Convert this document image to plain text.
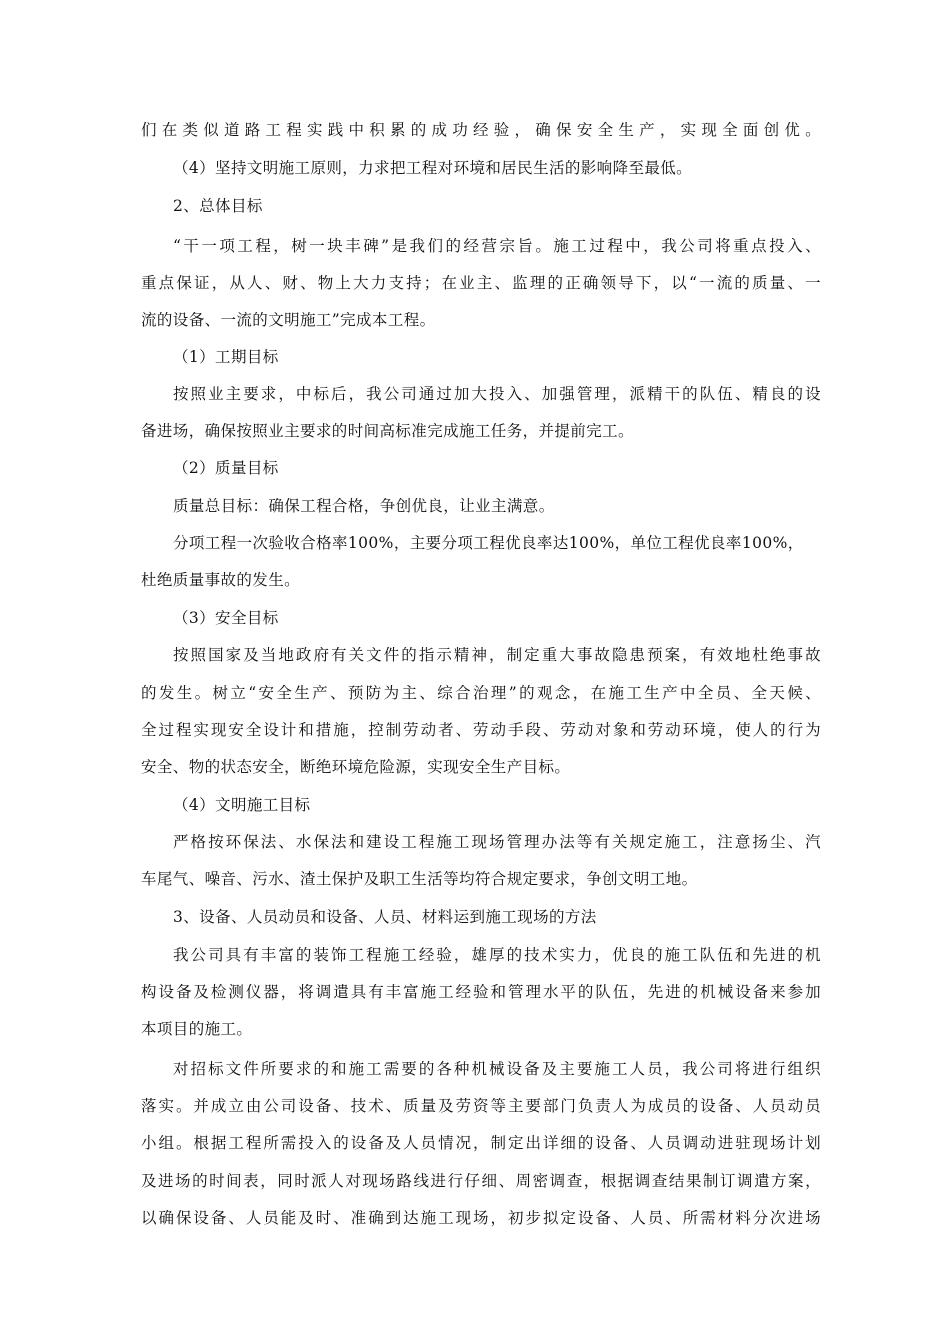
们在类似道路工程实践中积累的成功经验，确保安全生产，实现全面创优。
（4）坚持文明施工原则，力求把工程对环境和居民生活的影响降至最低。
2、总体目标
“干一项工程，树一块丰碑”是我们的经营宗旨。施工过程中，我公司将重点投入、
重点保证，从人、财、物上大力支持；在业主、监理的正确领导下，以“一流的质量、一
流的设备、一流的文明施工”完成本工程。
（1）工期目标
按照业主要求，中标后，我公司通过加大投入、加强管理，派精干的队伍、精良的设
备进场，确保按照业主要求的时间高标准完成施工任务，并提前完工。
（2）质量目标
质量总目标：确保工程合格，争创优良，让业主满意。
分项工程一次验收合格率100%，主要分项工程优良率达100%，单位工程优良率100%，
杜绝质量事故的发生。
（3）安全目标
按照国家及当地政府有关文件的指示精神，制定重大事故隐患预案，有效地杜绝事故
的发生。树立“安全生产、预防为主、综合治理”的观念，在施工生产中全员、全天候、
全过程实现安全设计和措施，控制劳动者、劳动手段、劳动对象和劳动环境，使人的行为
安全、物的状态安全，断绝环境危险源，实现安全生产目标。
（4）文明施工目标
严格按环保法、水保法和建设工程施工现场管理办法等有关规定施工，注意扬尘、汽
车尾气、噪音、污水、渣土保护及职工生活等均符合规定要求，争创文明工地。
3、设备、人员动员和设备、人员、材料运到施工现场的方法
我公司具有丰富的装饰工程施工经验，雄厚的技术实力，优良的施工队伍和先进的机
构设备及检测仪器，将调遣具有丰富施工经验和管理水平的队伍，先进的机械设备来参加
本项目的施工。
对招标文件所要求的和施工需要的各种机械设备及主要施工人员，我公司将进行组织
落实。并成立由公司设备、技术、质量及劳资等主要部门负责人为成员的设备、人员动员
小组。根据工程所需投入的设备及人员情况，制定出详细的设备、人员调动进驻现场计划
及进场的时间表，同时派人对现场路线进行仔细、周密调查，根据调查结果制订调遣方案，
以确保设备、人员能及时、准确到达施工现场，初步拟定设备、人员、所需材料分次进场
